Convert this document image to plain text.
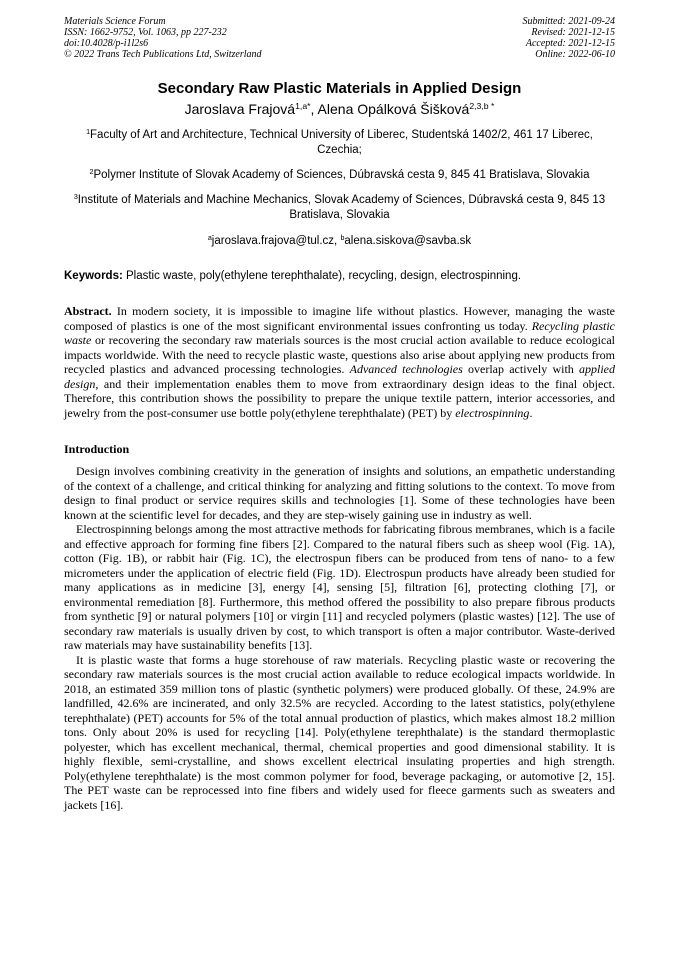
Materials Science Forum
ISSN: 1662-9752, Vol. 1063, pp 227-232
doi:10.4028/p-i1l2s6
© 2022 Trans Tech Publications Ltd, Switzerland
Submitted: 2021-09-24
Revised: 2021-12-15
Accepted: 2021-12-15
Online: 2022-06-10
Secondary Raw Plastic Materials in Applied Design
Jaroslava Frajová$^{1,a*}$, Alena Opálková Šišková$^{2,3,b *}$
$^1$Faculty of Art and Architecture, Technical University of Liberec, Studentská 1402/2, 461 17 Liberec, Czechia;
$^2$Polymer Institute of Slovak Academy of Sciences, Dúbravská cesta 9, 845 41 Bratislava, Slovakia
$^3$Institute of Materials and Machine Mechanics, Slovak Academy of Sciences, Dúbravská cesta 9, 845 13 Bratislava, Slovakia
$^a$jaroslava.frajova@tul.cz, $^b$alena.siskova@savba.sk
Keywords: Plastic waste, poly(ethylene terephthalate), recycling, design, electrospinning.
Abstract. In modern society, it is impossible to imagine life without plastics. However, managing the waste composed of plastics is one of the most significant environmental issues confronting us today. Recycling plastic waste or recovering the secondary raw materials sources is the most crucial action available to reduce ecological impacts worldwide. With the need to recycle plastic waste, questions also arise about applying new products from recycled plastics and advanced processing technologies. Advanced technologies overlap actively with applied design, and their implementation enables them to move from extraordinary design ideas to the final object. Therefore, this contribution shows the possibility to prepare the unique textile pattern, interior accessories, and jewelry from the post-consumer use bottle poly(ethylene terephthalate) (PET) by electrospinning.
Introduction

Design involves combining creativity in the generation of insights and solutions, an empathetic understanding of the context of a challenge, and critical thinking for analyzing and fitting solutions to the context. To move from design to final product or service requires skills and technologies [1]. Some of these technologies have been known at the scientific level for decades, and they are step-wisely gaining use in industry as well.

Electrospinning belongs among the most attractive methods for fabricating fibrous membranes, which is a facile and effective approach for forming fine fibers [2]. Compared to the natural fibers such as sheep wool (Fig. 1A), cotton (Fig. 1B), or rabbit hair (Fig. 1C), the electrospun fibers can be produced from tens of nano- to a few micrometers under the application of electric field (Fig. 1D). Electrospun products have already been studied for many applications as in medicine [3], energy [4], sensing [5], filtration [6], protecting clothing [7], or environmental remediation [8]. Furthermore, this method offered the possibility to also prepare fibrous products from synthetic [9] or natural polymers [10] or virgin [11] and recycled polymers (plastic wastes) [12]. The use of secondary raw materials is usually driven by cost, to which transport is often a major contributor. Waste-derived raw materials may have sustainability benefits [13].

It is plastic waste that forms a huge storehouse of raw materials. Recycling plastic waste or recovering the secondary raw materials sources is the most crucial action available to reduce ecological impacts worldwide. In 2018, an estimated 359 million tons of plastic (synthetic polymers) were produced globally. Of these, 24.9% are landfilled, 42.6% are incinerated, and only 32.5% are recycled. According to the latest statistics, poly(ethylene terephthalate) (PET) accounts for 5% of the total annual production of plastics, which makes almost 18.2 million tons. Only about 20% is used for recycling [14]. Poly(ethylene terephthalate) is the standard thermoplastic polyester, which has excellent mechanical, thermal, chemical properties and good dimensional stability. It is highly flexible, semi-crystalline, and shows excellent electrical insulating properties and high strength. Poly(ethylene terephthalate) is the most common polymer for food, beverage packaging, or automotive [2, 15]. The PET waste can be reprocessed into fine fibers and widely used for fleece garments such as sweaters and jackets [16].
